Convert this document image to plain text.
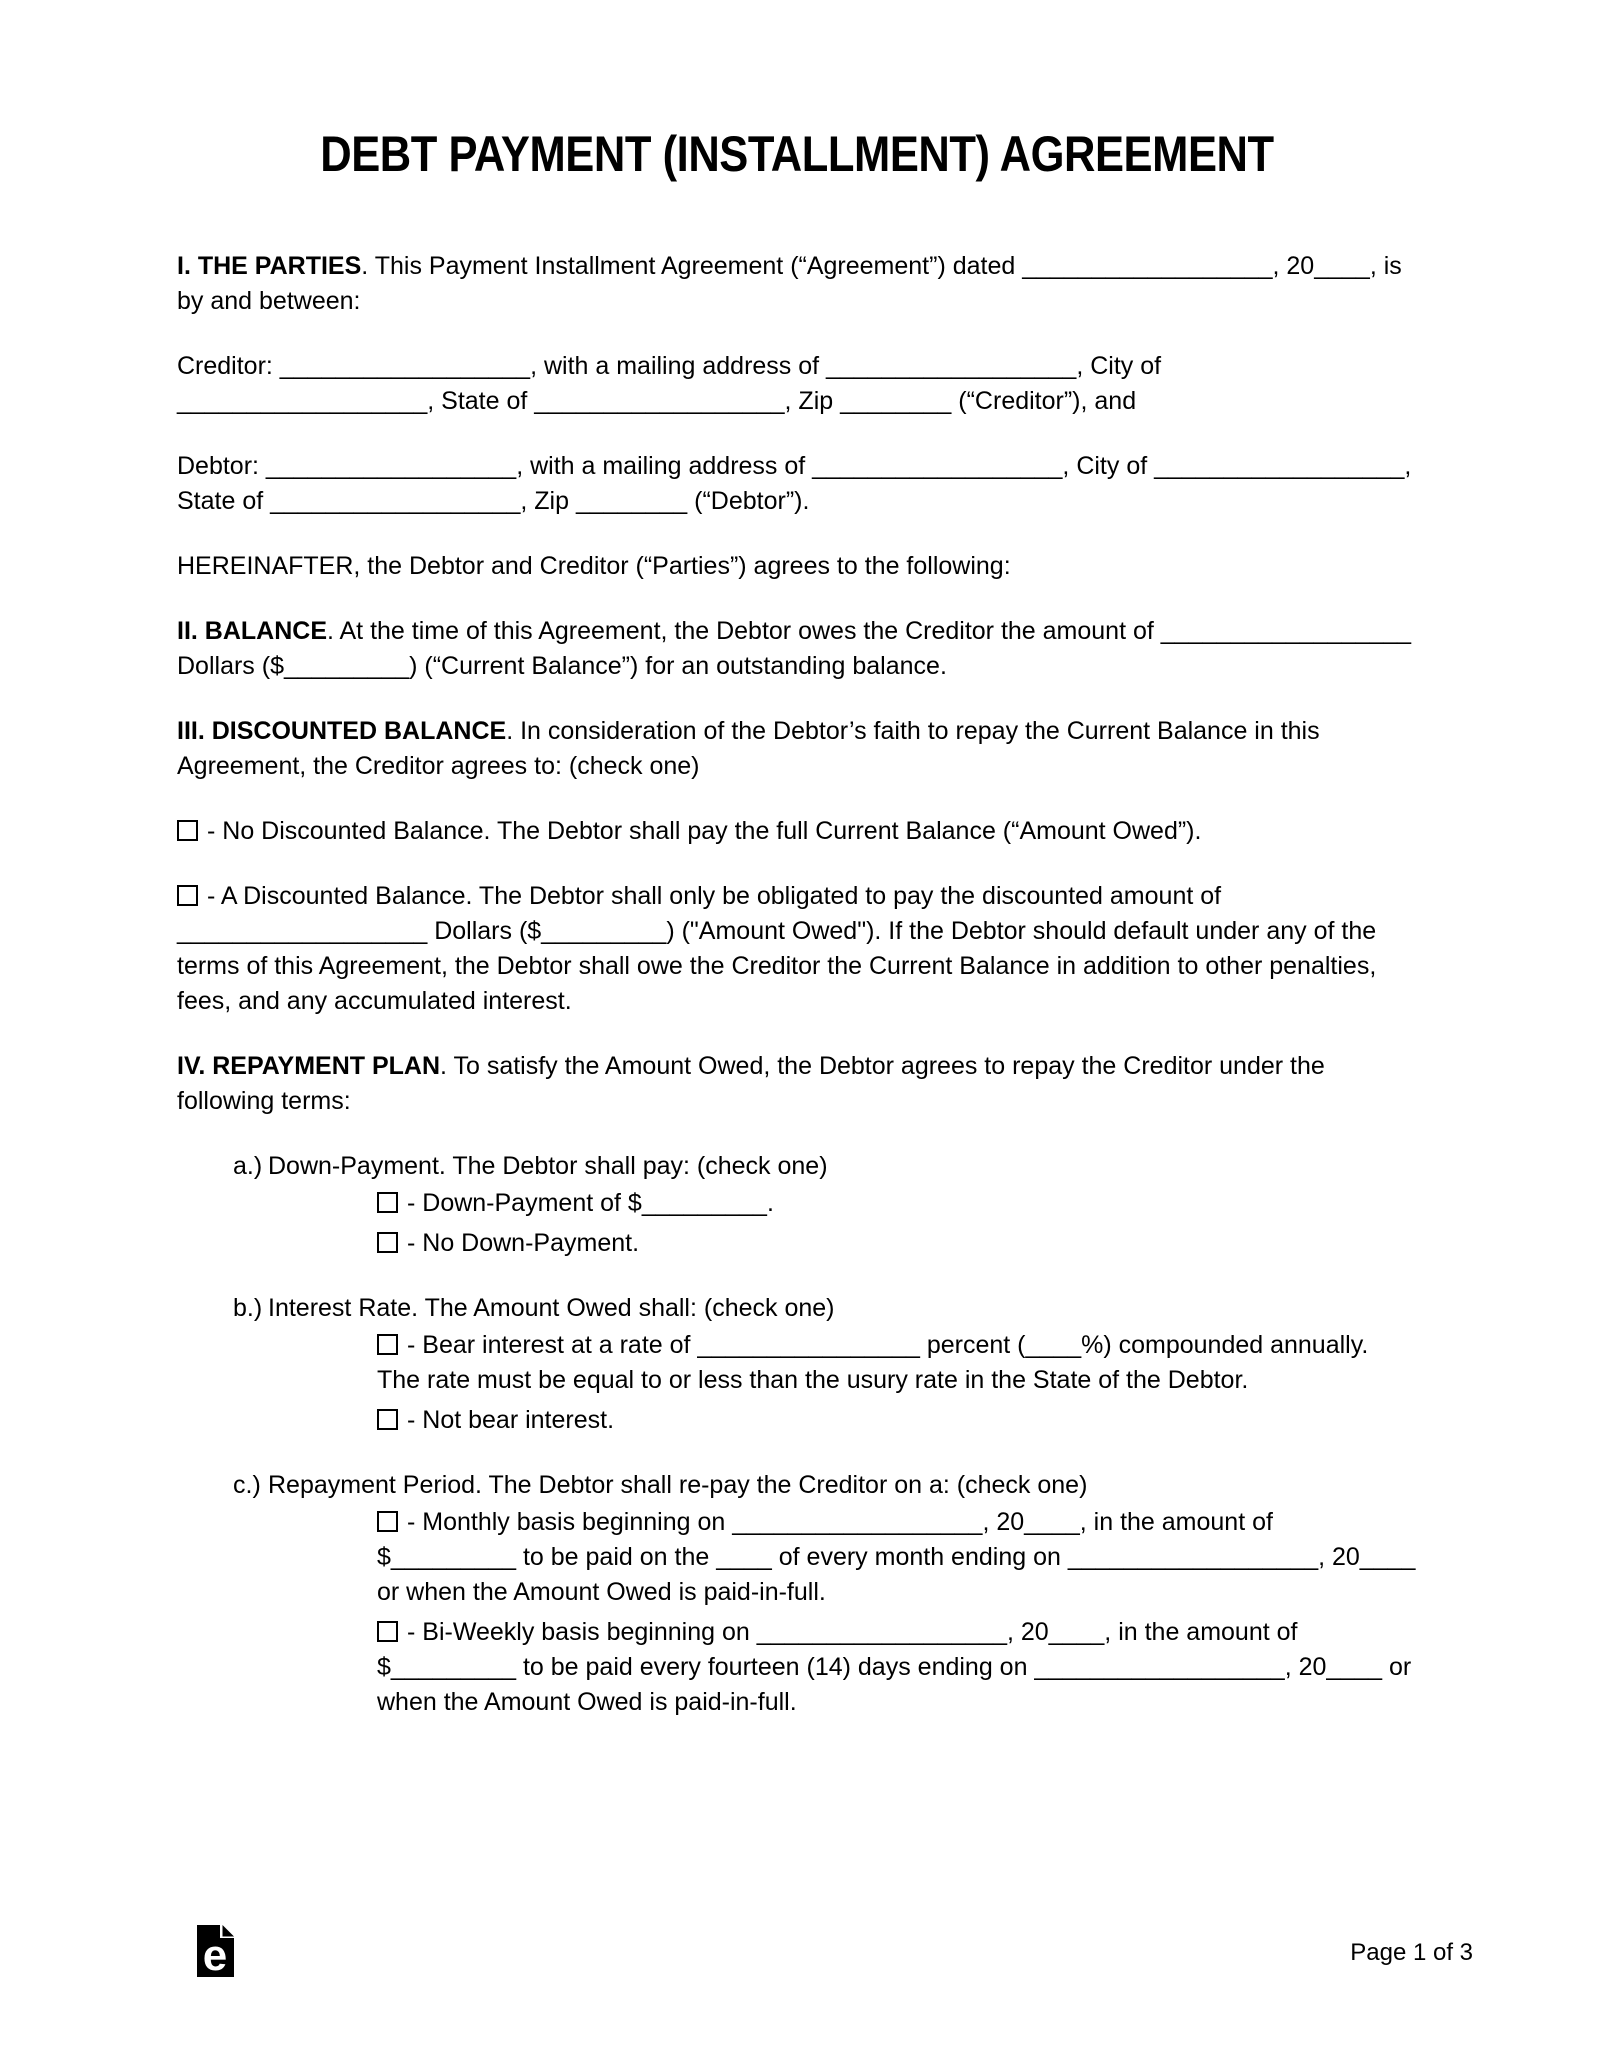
DEBT PAYMENT (INSTALLMENT) AGREEMENT

I. THE PARTIES. This Payment Installment Agreement (“Agreement”) dated __________________, 20____, is by and between:

Creditor: __________________, with a mailing address of __________________, City of __________________, State of __________________, Zip ________ (“Creditor”), and

Debtor: __________________, with a mailing address of __________________, City of __________________, State of __________________, Zip ________ (“Debtor”).

HEREINAFTER, the Debtor and Creditor (“Parties”) agrees to the following:

II. BALANCE. At the time of this Agreement, the Debtor owes the Creditor the amount of __________________ Dollars ($_________) (“Current Balance”) for an outstanding balance.

III. DISCOUNTED BALANCE. In consideration of the Debtor’s faith to repay the Current Balance in this Agreement, the Creditor agrees to: (check one)

- No Discounted Balance. The Debtor shall pay the full Current Balance (“Amount Owed”).

- A Discounted Balance. The Debtor shall only be obligated to pay the discounted amount of __________________ Dollars ($_________) ("Amount Owed"). If the Debtor should default under any of the terms of this Agreement, the Debtor shall owe the Creditor the Current Balance in addition to other penalties, fees, and any accumulated interest.

IV. REPAYMENT PLAN. To satisfy the Amount Owed, the Debtor agrees to repay the Creditor under the following terms:

a.) Down-Payment. The Debtor shall pay: (check one)

- Down-Payment of $_________.

- No Down-Payment.

b.) Interest Rate. The Amount Owed shall: (check one)

- Bear interest at a rate of ________________ percent (____%) compounded annually. The rate must be equal to or less than the usury rate in the State of the Debtor.

- Not bear interest.

c.) Repayment Period. The Debtor shall re-pay the Creditor on a: (check one)

- Monthly basis beginning on __________________, 20____, in the amount of $_________ to be paid on the ____ of every month ending on __________________, 20____ or when the Amount Owed is paid-in-full.

- Bi-Weekly basis beginning on __________________, 20____, in the amount of $_________ to be paid every fourteen (14) days ending on __________________, 20____ or when the Amount Owed is paid-in-full.

e	Page 1 of 3
